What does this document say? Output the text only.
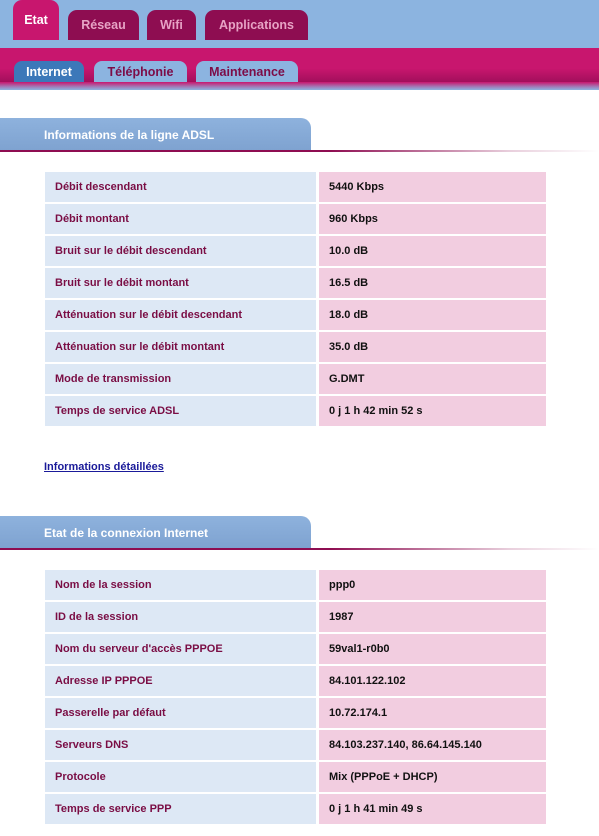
Etat	Réseau	Wifi	Applications
Internet	Téléphonie	Maintenance
Informations de la ligne ADSL
Débit descendant	5440 Kbps
Débit montant	960 Kbps
Bruit sur le débit descendant	10.0 dB
Bruit sur le débit montant	16.5 dB
Atténuation sur le débit descendant	18.0 dB
Atténuation sur le débit montant	35.0 dB
Mode de transmission	G.DMT
Temps de service ADSL	0 j 1 h 42 min 52 s
Informations détaillées
Etat de la connexion Internet
Nom de la session	ppp0
ID de la session	1987
Nom du serveur d'accès PPPOE	59val1-r0b0
Adresse IP PPPOE	84.101.122.102
Passerelle par défaut	10.72.174.1
Serveurs DNS	84.103.237.140, 86.64.145.140
Protocole	Mix (PPPoE + DHCP)
Temps de service PPP	0 j 1 h 41 min 49 s
